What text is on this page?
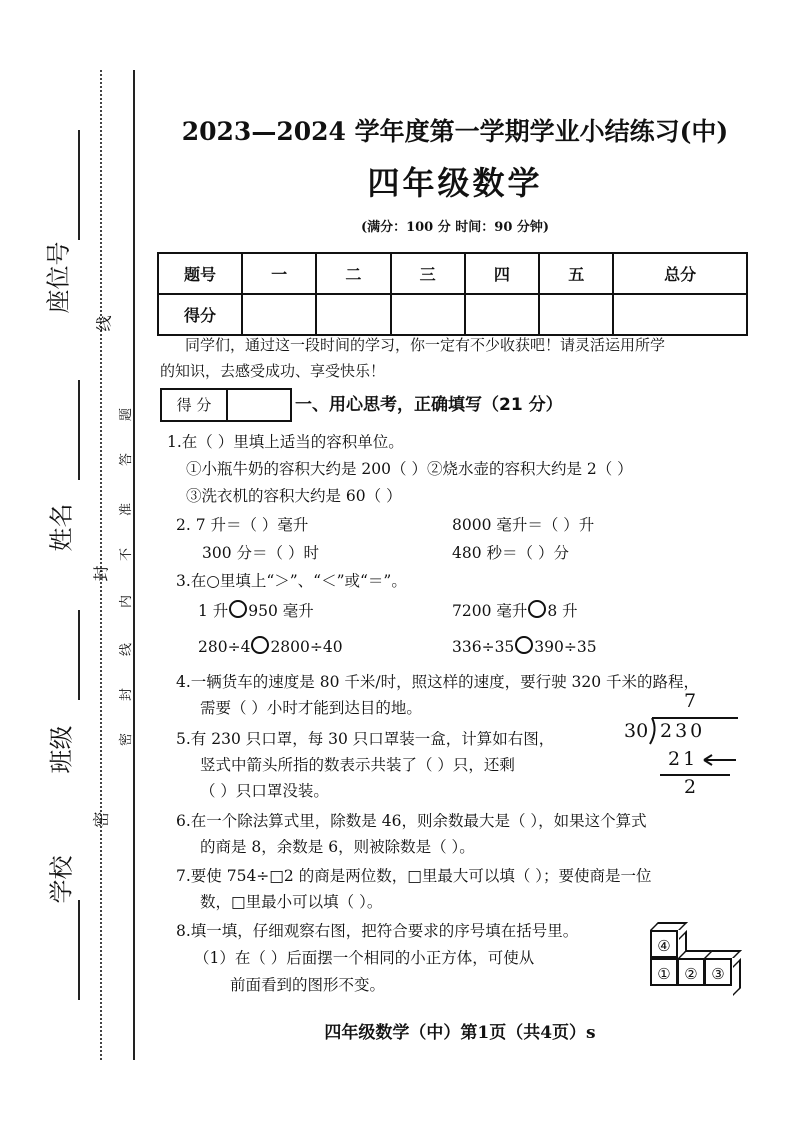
座位号
姓名
班级
学校
线
题
答
准
不
内
线
封
密
封
密
2023—2024 学年度第一学期学业小结练习(中)
四年级数学
(满分：100 分 时间：90 分钟)
题号	一	二	三	四	五	总分
得分						
同学们，通过这一段时间的学习，你一定有不少收获吧！请灵活运用所学
的知识，去感受成功、享受快乐！
得 分	一、用心思考，正确填写（21 分）
1.在（ ）里填上适当的容积单位。
①小瓶牛奶的容积大约是 200（ ）②烧水壶的容积大约是 2（ ）
③洗衣机的容积大约是 60（ ）
2. 7 升＝（ ）毫升	8000 毫升＝（ ）升
300 分＝（ ）时	480 秒＝（ ）分
3.在○里填上“＞”、“＜”或“＝”。
1 升 950 毫升	7200 毫升 8 升
280÷4 2800÷40	336÷35 390÷35
4.一辆货车的速度是 80 千米/时，照这样的速度，要行驶 320 千米的路程，
需要（ ）小时才能到达目的地。
5.有 230 只口罩，每 30 只口罩装一盒，计算如右图，
竖式中箭头所指的数表示共装了（ ）只，还剩
（ ）只口罩没装。
7
30 230
21
2
6.在一个除法算式里，除数是 46，则余数最大是（ ），如果这个算式
的商是 8，余数是 6，则被除数是（ ）。
7.要使 754÷□2 的商是两位数，□里最大可以填（ ）；要使商是一位
数，□里最小可以填（ ）。
8.填一填，仔细观察右图，把符合要求的序号填在括号里。
（1）在（ ）后面摆一个相同的小正方体，可使从
前面看到的图形不变。
④
① ② ③
四年级数学（中）第1页（共4页）s
